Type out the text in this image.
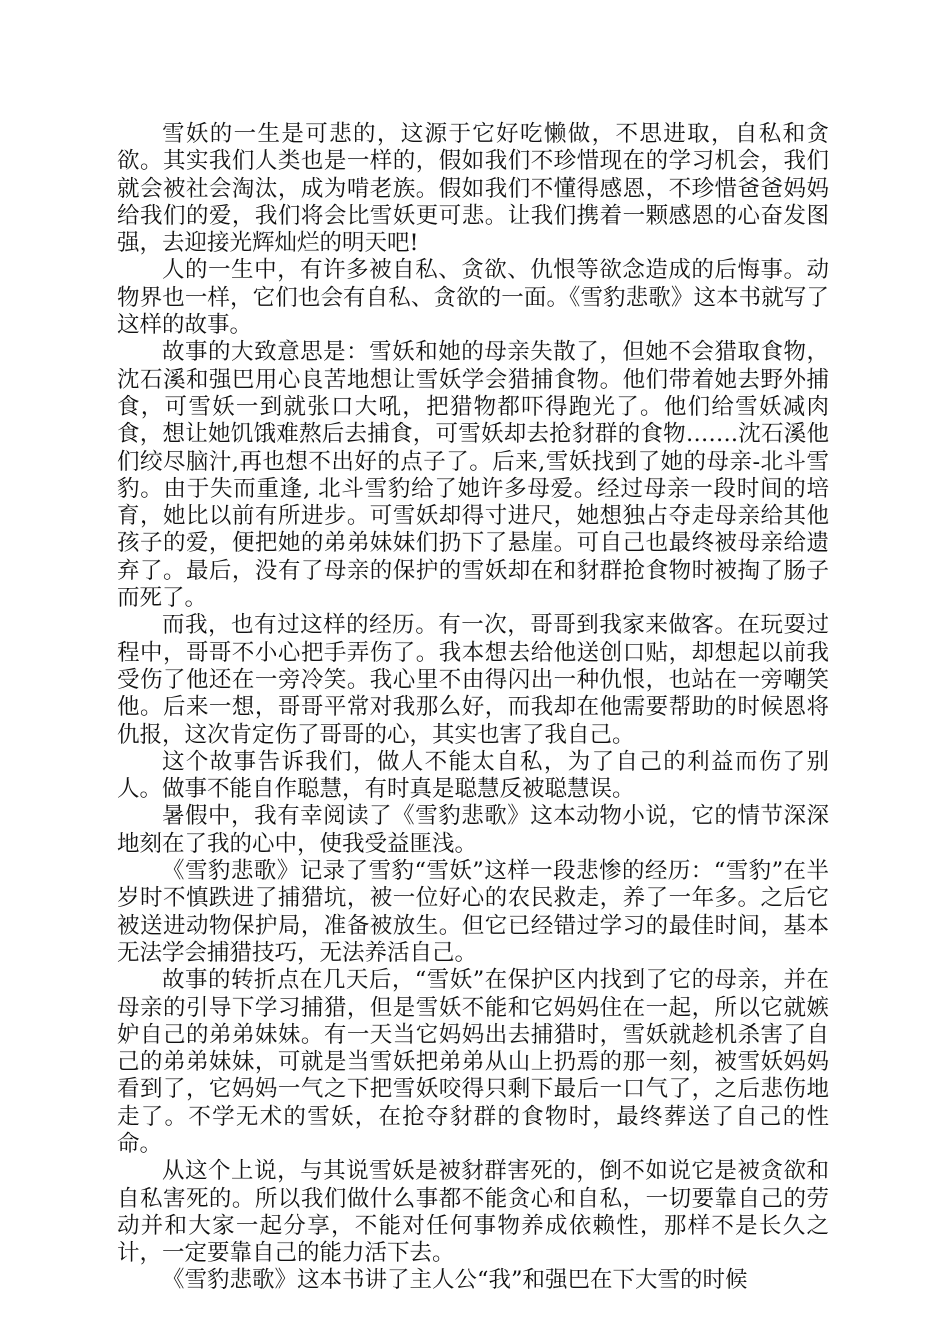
雪妖的一生是可悲的，这源于它好吃懒做，不思进取，自私和贪欲。其实我们人类也是一样的，假如我们不珍惜现在的学习机会，我们就会被社会淘汰，成为啃老族。假如我们不懂得感恩，不珍惜爸爸妈妈给我们的爱，我们将会比雪妖更可悲。让我们携着一颗感恩的心奋发图强，去迎接光辉灿烂的明天吧!

人的一生中，有许多被自私、贪欲、仇恨等欲念造成的后悔事。动物界也一样，它们也会有自私、贪欲的一面。《雪豹悲歌》这本书就写了这样的故事。

故事的大致意思是：雪妖和她的母亲失散了，但她不会猎取食物，沈石溪和强巴用心良苦地想让雪妖学会猎捕食物。他们带着她去野外捕食，可雪妖一到就张口大吼，把猎物都吓得跑光了。他们给雪妖减肉食，想让她饥饿难熬后去捕食，可雪妖却去抢豺群的食物…….沈石溪他们绞尽脑汁,再也想不出好的点子了。后来,雪妖找到了她的母亲-北斗雪豹。由于失而重逢, 北斗雪豹给了她许多母爱。经过母亲一段时间的培育，她比以前有所进步。可雪妖却得寸进尺，她想独占夺走母亲给其他孩子的爱，便把她的弟弟妹妹们扔下了悬崖。可自己也最终被母亲给遗弃了。最后，没有了母亲的保护的雪妖却在和豺群抢食物时被掏了肠子而死了。

而我，也有过这样的经历。有一次，哥哥到我家来做客。在玩耍过程中，哥哥不小心把手弄伤了。我本想去给他送创口贴，却想起以前我受伤了他还在一旁冷笑。我心里不由得闪出一种仇恨，也站在一旁嘲笑他。后来一想，哥哥平常对我那么好，而我却在他需要帮助的时候恩将仇报，这次肯定伤了哥哥的心，其实也害了我自己。

这个故事告诉我们，做人不能太自私，为了自己的利益而伤了别人。做事不能自作聪慧，有时真是聪慧反被聪慧误。

暑假中，我有幸阅读了《雪豹悲歌》这本动物小说，它的情节深深地刻在了我的心中，使我受益匪浅。

《雪豹悲歌》记录了雪豹“雪妖”这样一段悲惨的经历：“雪豹”在半岁时不慎跌进了捕猎坑，被一位好心的农民救走，养了一年多。之后它被送进动物保护局，准备被放生。但它已经错过学习的最佳时间，基本无法学会捕猎技巧，无法养活自己。

故事的转折点在几天后，“雪妖”在保护区内找到了它的母亲，并在母亲的引导下学习捕猎，但是雪妖不能和它妈妈住在一起，所以它就嫉妒自己的弟弟妹妹。有一天当它妈妈出去捕猎时，雪妖就趁机杀害了自己的弟弟妹妹，可就是当雪妖把弟弟从山上扔焉的那一刻，被雪妖妈妈看到了，它妈妈一气之下把雪妖咬得只剩下最后一口气了，之后悲伤地走了。不学无术的雪妖，在抢夺豺群的食物时，最终葬送了自己的性命。

从这个上说，与其说雪妖是被豺群害死的，倒不如说它是被贪欲和自私害死的。所以我们做什么事都不能贪心和自私，一切要靠自己的劳动并和大家一起分享，不能对任何事物养成依赖性，那样不是长久之计，一定要靠自己的能力活下去。

《雪豹悲歌》这本书讲了主人公“我”和强巴在下大雪的时候
